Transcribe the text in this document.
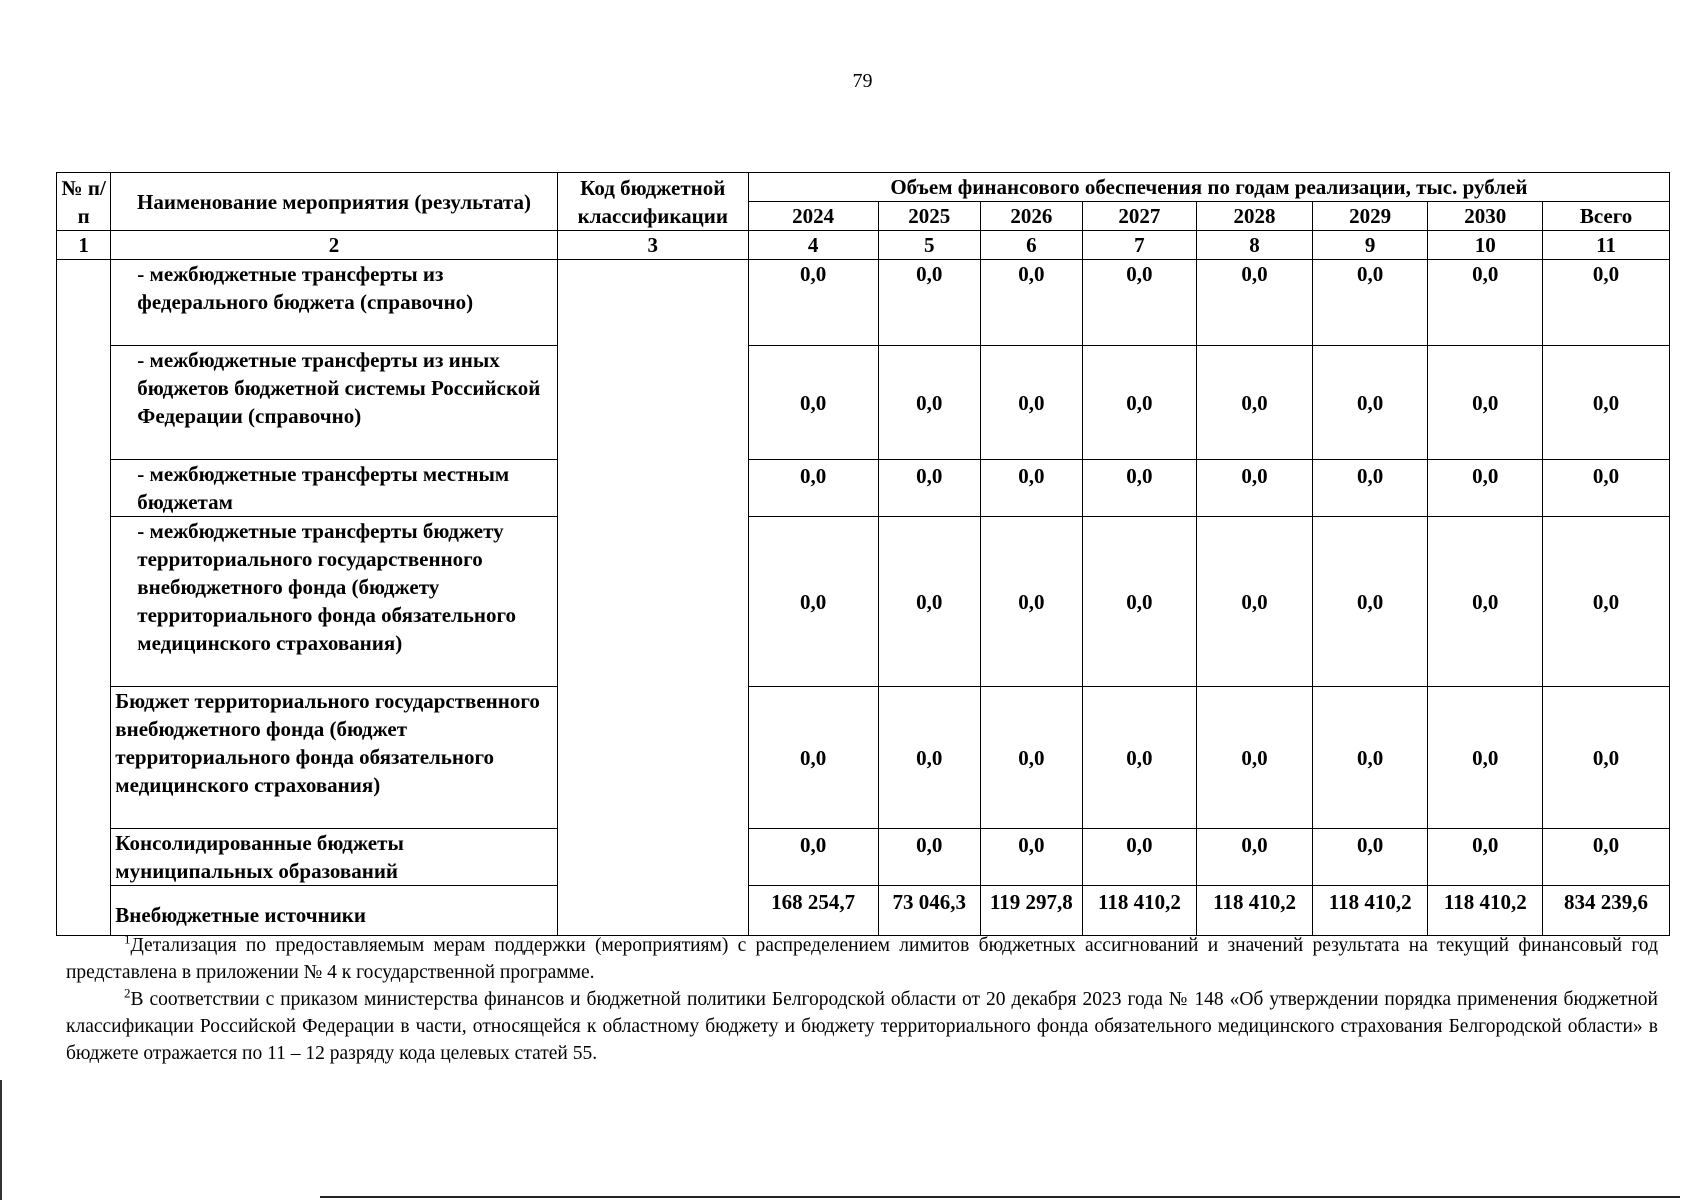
79
№ п/п	Наименование мероприятия (результата)	Код бюджетной классификации	Объем финансового обеспечения по годам реализации, тыс. рублей							
			2024	2025	2026	2027	2028	2029	2030	Всего
1	2	3	4	5	6	7	8	9	10	11
	- межбюджетные трансферты из федерального бюджета (справочно)		0,0	0,0	0,0	0,0	0,0	0,0	0,0	0,0
	- межбюджетные трансферты из иных бюджетов бюджетной системы Российской Федерации (справочно)		0,0	0,0	0,0	0,0	0,0	0,0	0,0	0,0
	- межбюджетные трансферты местным бюджетам		0,0	0,0	0,0	0,0	0,0	0,0	0,0	0,0
	- межбюджетные трансферты бюджету территориального государственного внебюджетного фонда (бюджету территориального фонда обязательного медицинского страхования)		0,0	0,0	0,0	0,0	0,0	0,0	0,0	0,0
	Бюджет территориального государственного внебюджетного фонда (бюджет территориального фонда обязательного медицинского страхования)		0,0	0,0	0,0	0,0	0,0	0,0	0,0	0,0
	Консолидированные бюджеты муниципальных образований		0,0	0,0	0,0	0,0	0,0	0,0	0,0	0,0
	Внебюджетные источники		168 254,7	73 046,3	119 297,8	118 410,2	118 410,2	118 410,2	118 410,2	834 239,6

$^1$Детализация по предоставляемым мерам поддержки (мероприятиям) с распределением лимитов бюджетных ассигнований и значений результата на текущий финансовый год представлена в приложении № 4 к государственной программе.

$^2$В соответствии с приказом министерства финансов и бюджетной политики Белгородской области от 20 декабря 2023 года № 148 «Об утверждении порядка применения бюджетной классификации Российской Федерации в части, относящейся к областному бюджету и бюджету территориального фонда обязательного медицинского страхования Белгородской области» в бюджете отражается по 11 – 12 разряду кода целевых статей 55.
